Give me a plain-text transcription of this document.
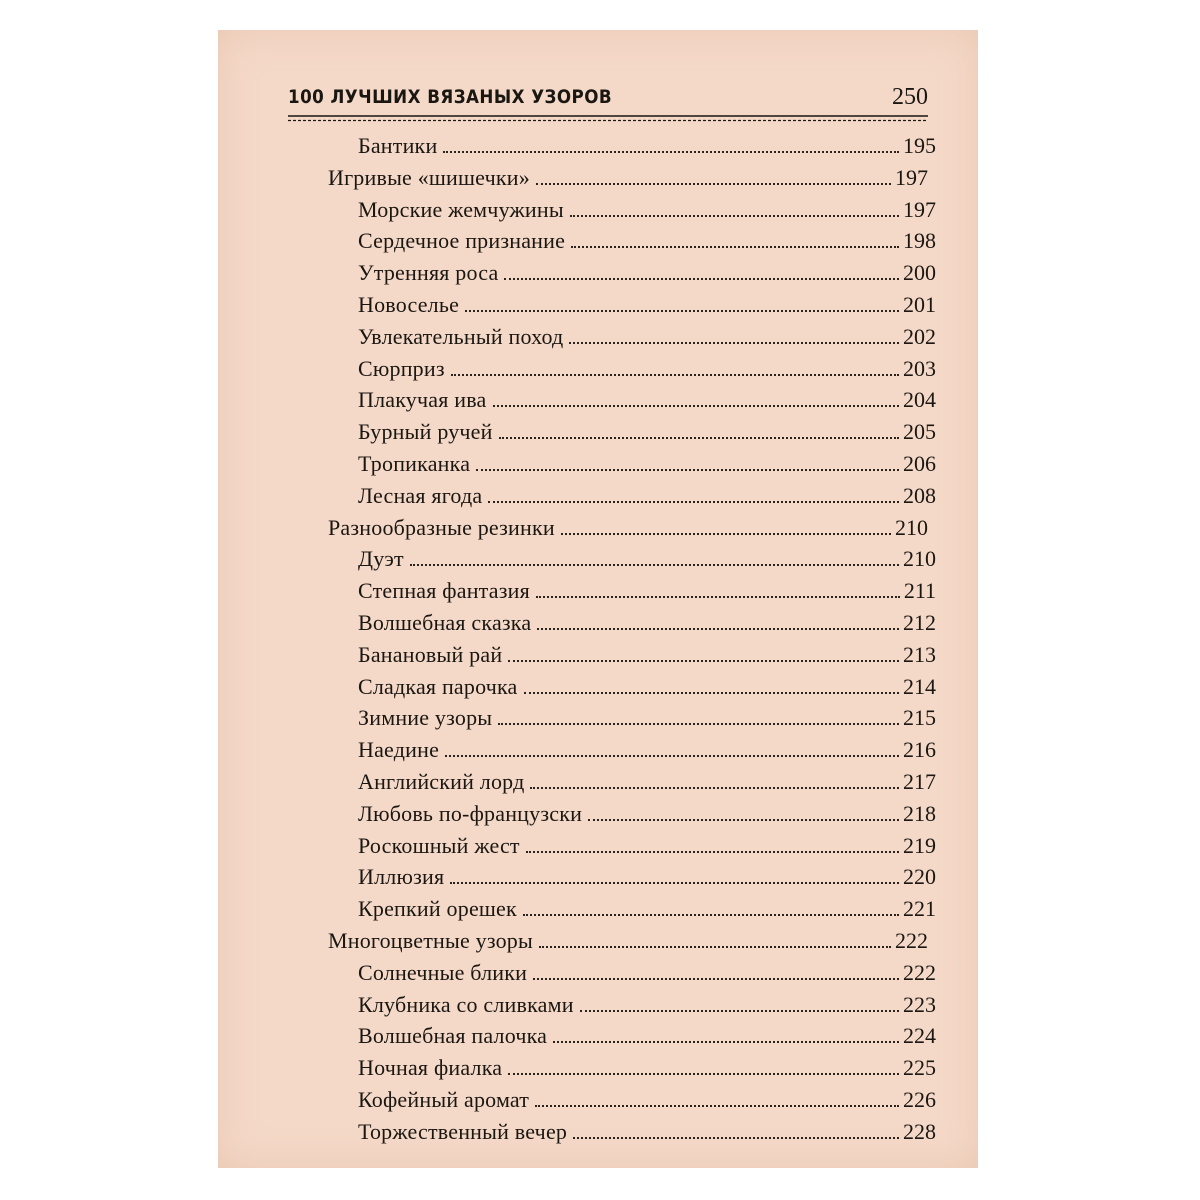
100 ЛУЧШИХ ВЯЗАНЫХ УЗОРОВ	250
Бантики	195
Игривые «шишечки»	197
Морские жемчужины	197
Сердечное признание	198
Утренняя роса	200
Новоселье	201
Увлекательный поход	202
Сюрприз	203
Плакучая ива	204
Бурный ручей	205
Тропиканка	206
Лесная ягода	208
Разнообразные резинки	210
Дуэт	210
Степная фантазия	211
Волшебная сказка	212
Банановый рай	213
Сладкая парочка	214
Зимние узоры	215
Наедине	216
Английский лорд	217
Любовь по-французски	218
Роскошный жест	219
Иллюзия	220
Крепкий орешек	221
Многоцветные узоры	222
Солнечные блики	222
Клубника со сливками	223
Волшебная палочка	224
Ночная фиалка	225
Кофейный аромат	226
Торжественный вечер	228
